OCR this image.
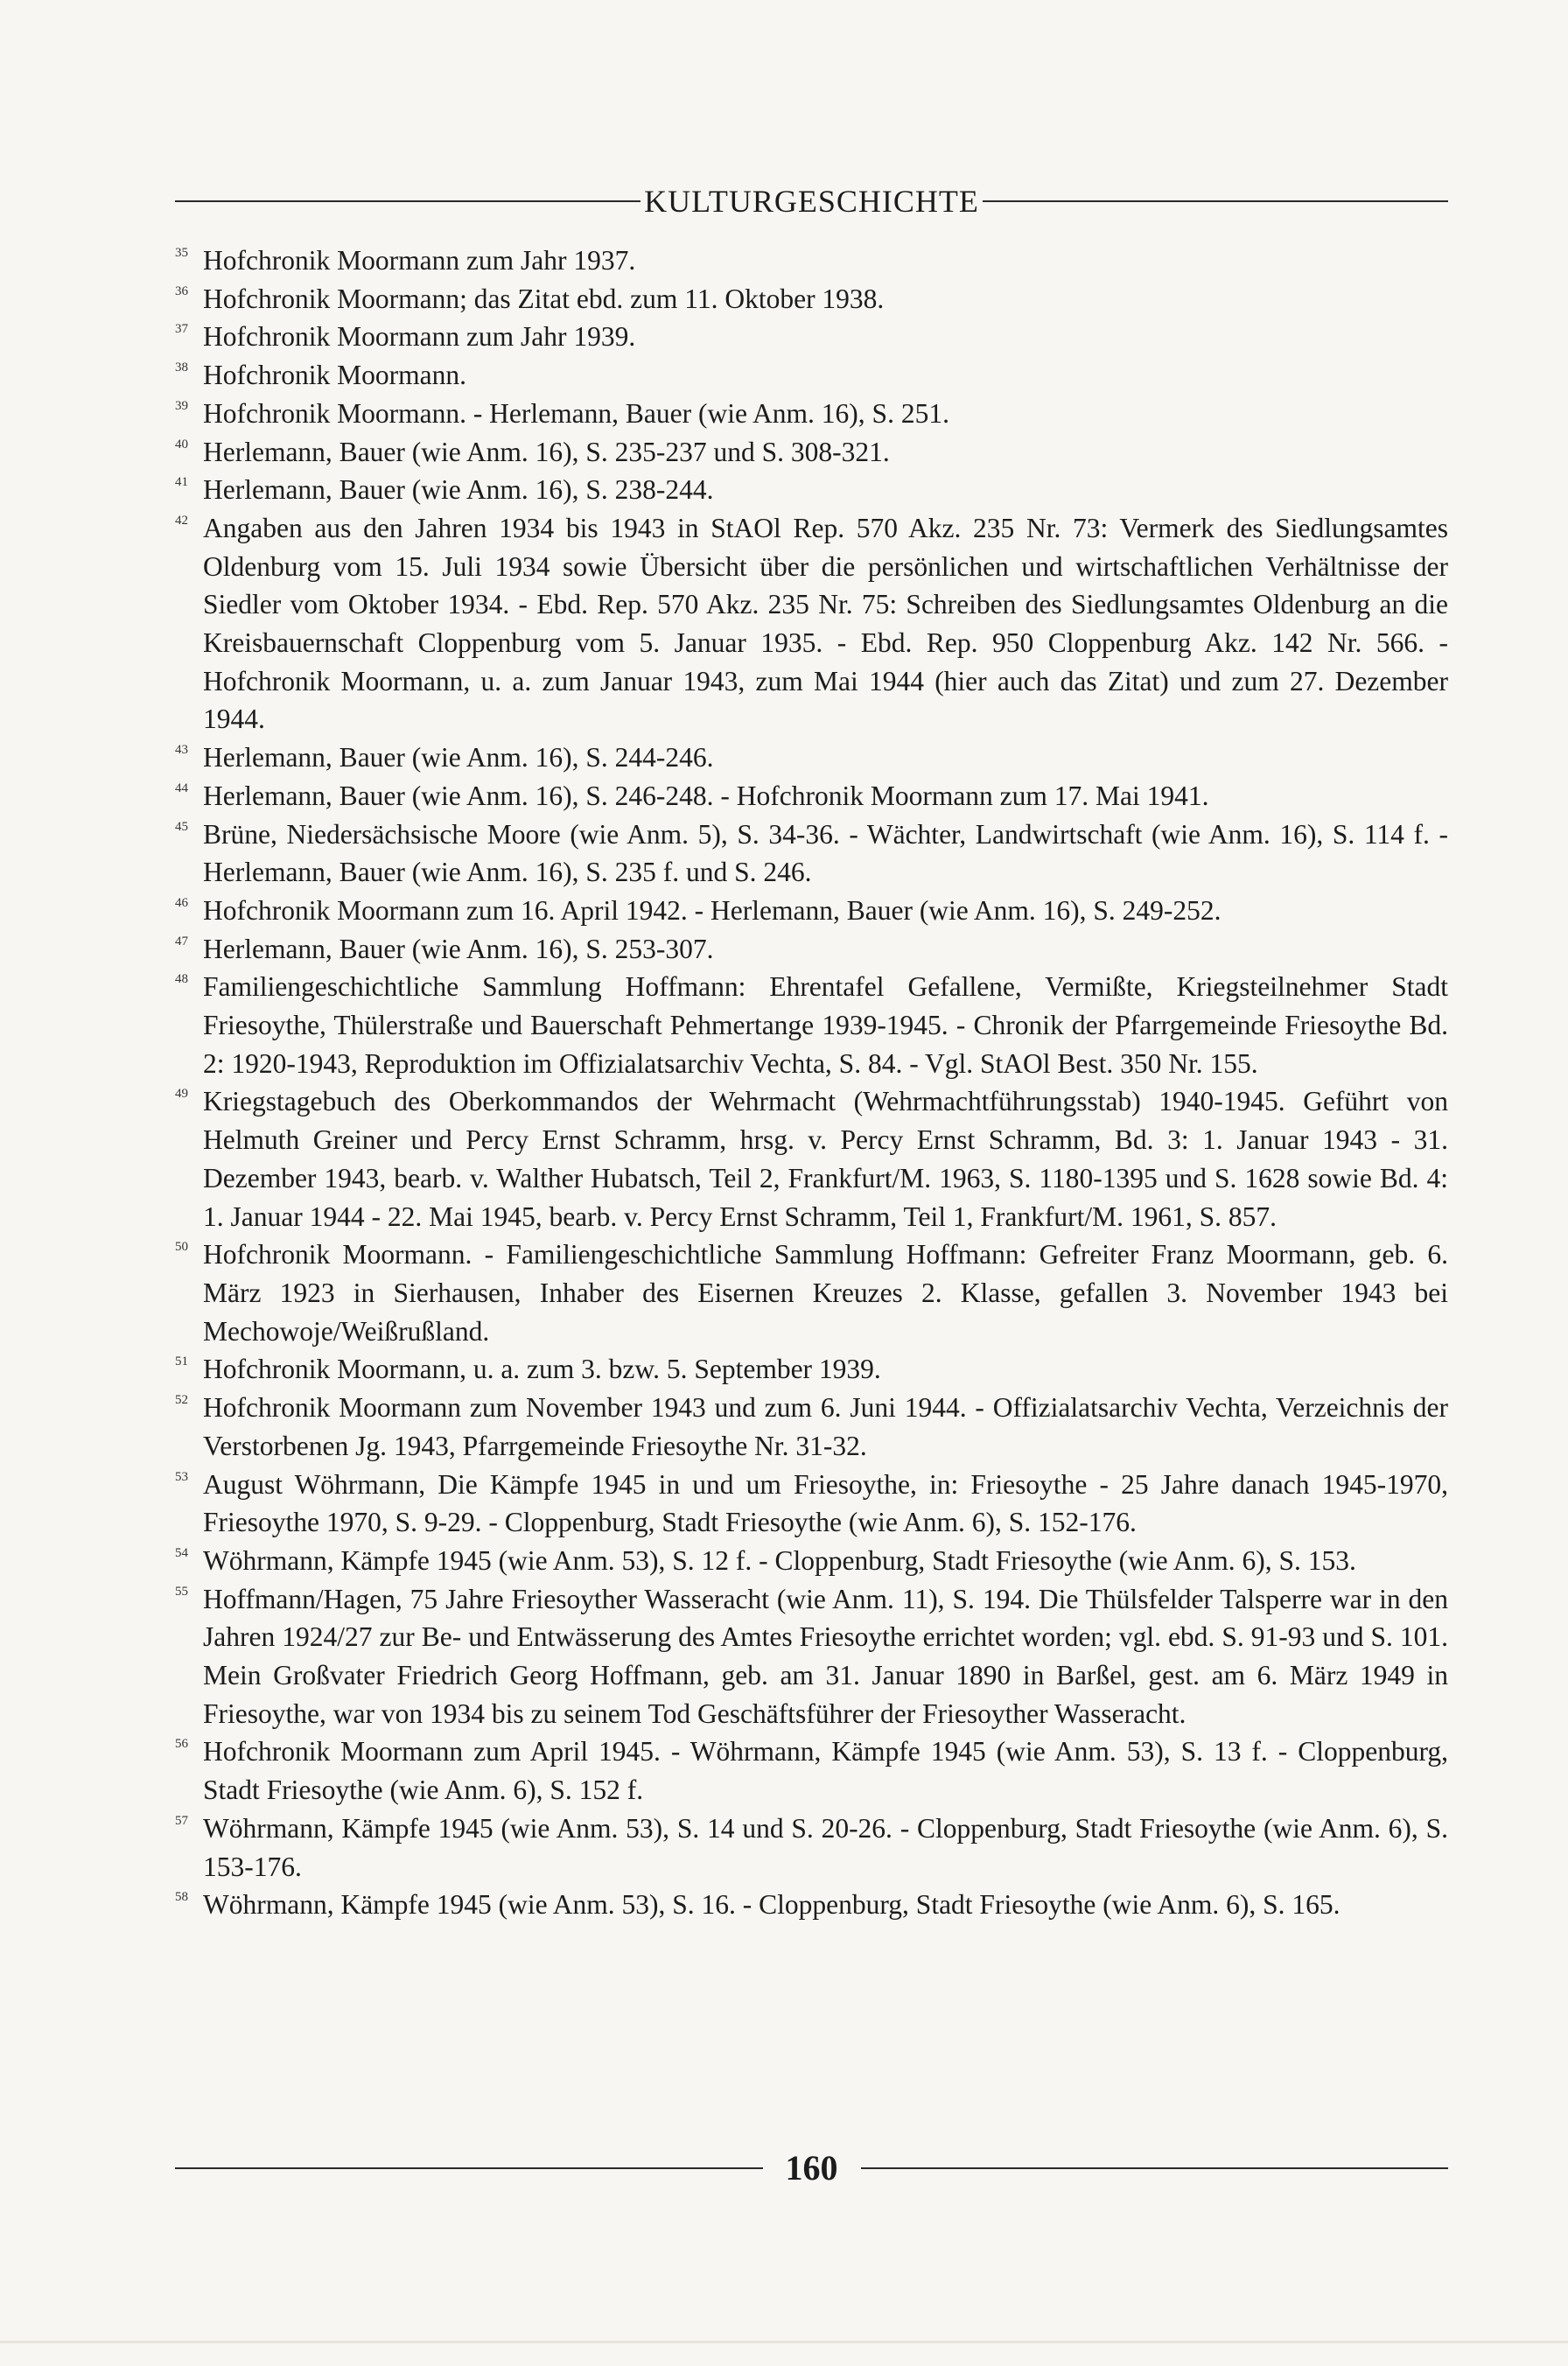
KULTURGESCHICHTE
35 Hofchronik Moormann zum Jahr 1937.
36 Hofchronik Moormann; das Zitat ebd. zum 11. Oktober 1938.
37 Hofchronik Moormann zum Jahr 1939.
38 Hofchronik Moormann.
39 Hofchronik Moormann. - Herlemann, Bauer (wie Anm. 16), S. 251.
40 Herlemann, Bauer (wie Anm. 16), S. 235-237 und S. 308-321.
41 Herlemann, Bauer (wie Anm. 16), S. 238-244.
42 Angaben aus den Jahren 1934 bis 1943 in StAOl Rep. 570 Akz. 235 Nr. 73: Vermerk des Siedlungsamtes Oldenburg vom 15. Juli 1934 sowie Übersicht über die persönlichen und wirtschaftlichen Verhältnisse der Siedler vom Oktober 1934. - Ebd. Rep. 570 Akz. 235 Nr. 75: Schreiben des Siedlungsamtes Oldenburg an die Kreisbauernschaft Cloppenburg vom 5. Januar 1935. - Ebd. Rep. 950 Cloppenburg Akz. 142 Nr. 566. - Hofchronik Moormann, u. a. zum Januar 1943, zum Mai 1944 (hier auch das Zitat) und zum 27. Dezember 1944.
43 Herlemann, Bauer (wie Anm. 16), S. 244-246.
44 Herlemann, Bauer (wie Anm. 16), S. 246-248. - Hofchronik Moormann zum 17. Mai 1941.
45 Brüne, Niedersächsische Moore (wie Anm. 5), S. 34-36. - Wächter, Landwirtschaft (wie Anm. 16), S. 114 f. - Herlemann, Bauer (wie Anm. 16), S. 235 f. und S. 246.
46 Hofchronik Moormann zum 16. April 1942. - Herlemann, Bauer (wie Anm. 16), S. 249-252.
47 Herlemann, Bauer (wie Anm. 16), S. 253-307.
48 Familiengeschichtliche Sammlung Hoffmann: Ehrentafel Gefallene, Vermißte, Kriegsteilnehmer Stadt Friesoythe, Thülerstraße und Bauerschaft Pehmertange 1939-1945. - Chronik der Pfarrgemeinde Friesoythe Bd. 2: 1920-1943, Reproduktion im Offizialatsarchiv Vechta, S. 84. - Vgl. StAOl Best. 350 Nr. 155.
49 Kriegstagebuch des Oberkommandos der Wehrmacht (Wehrmachtführungsstab) 1940-1945. Geführt von Helmuth Greiner und Percy Ernst Schramm, hrsg. v. Percy Ernst Schramm, Bd. 3: 1. Januar 1943 - 31. Dezember 1943, bearb. v. Walther Hubatsch, Teil 2, Frankfurt/M. 1963, S. 1180-1395 und S. 1628 sowie Bd. 4: 1. Januar 1944 - 22. Mai 1945, bearb. v. Percy Ernst Schramm, Teil 1, Frankfurt/M. 1961, S. 857.
50 Hofchronik Moormann. - Familiengeschichtliche Sammlung Hoffmann: Gefreiter Franz Moormann, geb. 6. März 1923 in Sierhausen, Inhaber des Eisernen Kreuzes 2. Klasse, gefallen 3. November 1943 bei Mechowoje/Weißrußland.
51 Hofchronik Moormann, u. a. zum 3. bzw. 5. September 1939.
52 Hofchronik Moormann zum November 1943 und zum 6. Juni 1944. - Offizialatsarchiv Vechta, Verzeichnis der Verstorbenen Jg. 1943, Pfarrgemeinde Friesoythe Nr. 31-32.
53 August Wöhrmann, Die Kämpfe 1945 in und um Friesoythe, in: Friesoythe - 25 Jahre danach 1945-1970, Friesoythe 1970, S. 9-29. - Cloppenburg, Stadt Friesoythe (wie Anm. 6), S. 152-176.
54 Wöhrmann, Kämpfe 1945 (wie Anm. 53), S. 12 f. - Cloppenburg, Stadt Friesoythe (wie Anm. 6), S. 153.
55 Hoffmann/Hagen, 75 Jahre Friesoyther Wasseracht (wie Anm. 11), S. 194. Die Thülsfelder Talsperre war in den Jahren 1924/27 zur Be- und Entwässerung des Amtes Friesoythe errichtet worden; vgl. ebd. S. 91-93 und S. 101. Mein Großvater Friedrich Georg Hoffmann, geb. am 31. Januar 1890 in Barßel, gest. am 6. März 1949 in Friesoythe, war von 1934 bis zu seinem Tod Geschäftsführer der Friesoyther Wasseracht.
56 Hofchronik Moormann zum April 1945. - Wöhrmann, Kämpfe 1945 (wie Anm. 53), S. 13 f. - Cloppenburg, Stadt Friesoythe (wie Anm. 6), S. 152 f.
57 Wöhrmann, Kämpfe 1945 (wie Anm. 53), S. 14 und S. 20-26. - Cloppenburg, Stadt Friesoythe (wie Anm. 6), S. 153-176.
58 Wöhrmann, Kämpfe 1945 (wie Anm. 53), S. 16. - Cloppenburg, Stadt Friesoythe (wie Anm. 6), S. 165.
160
